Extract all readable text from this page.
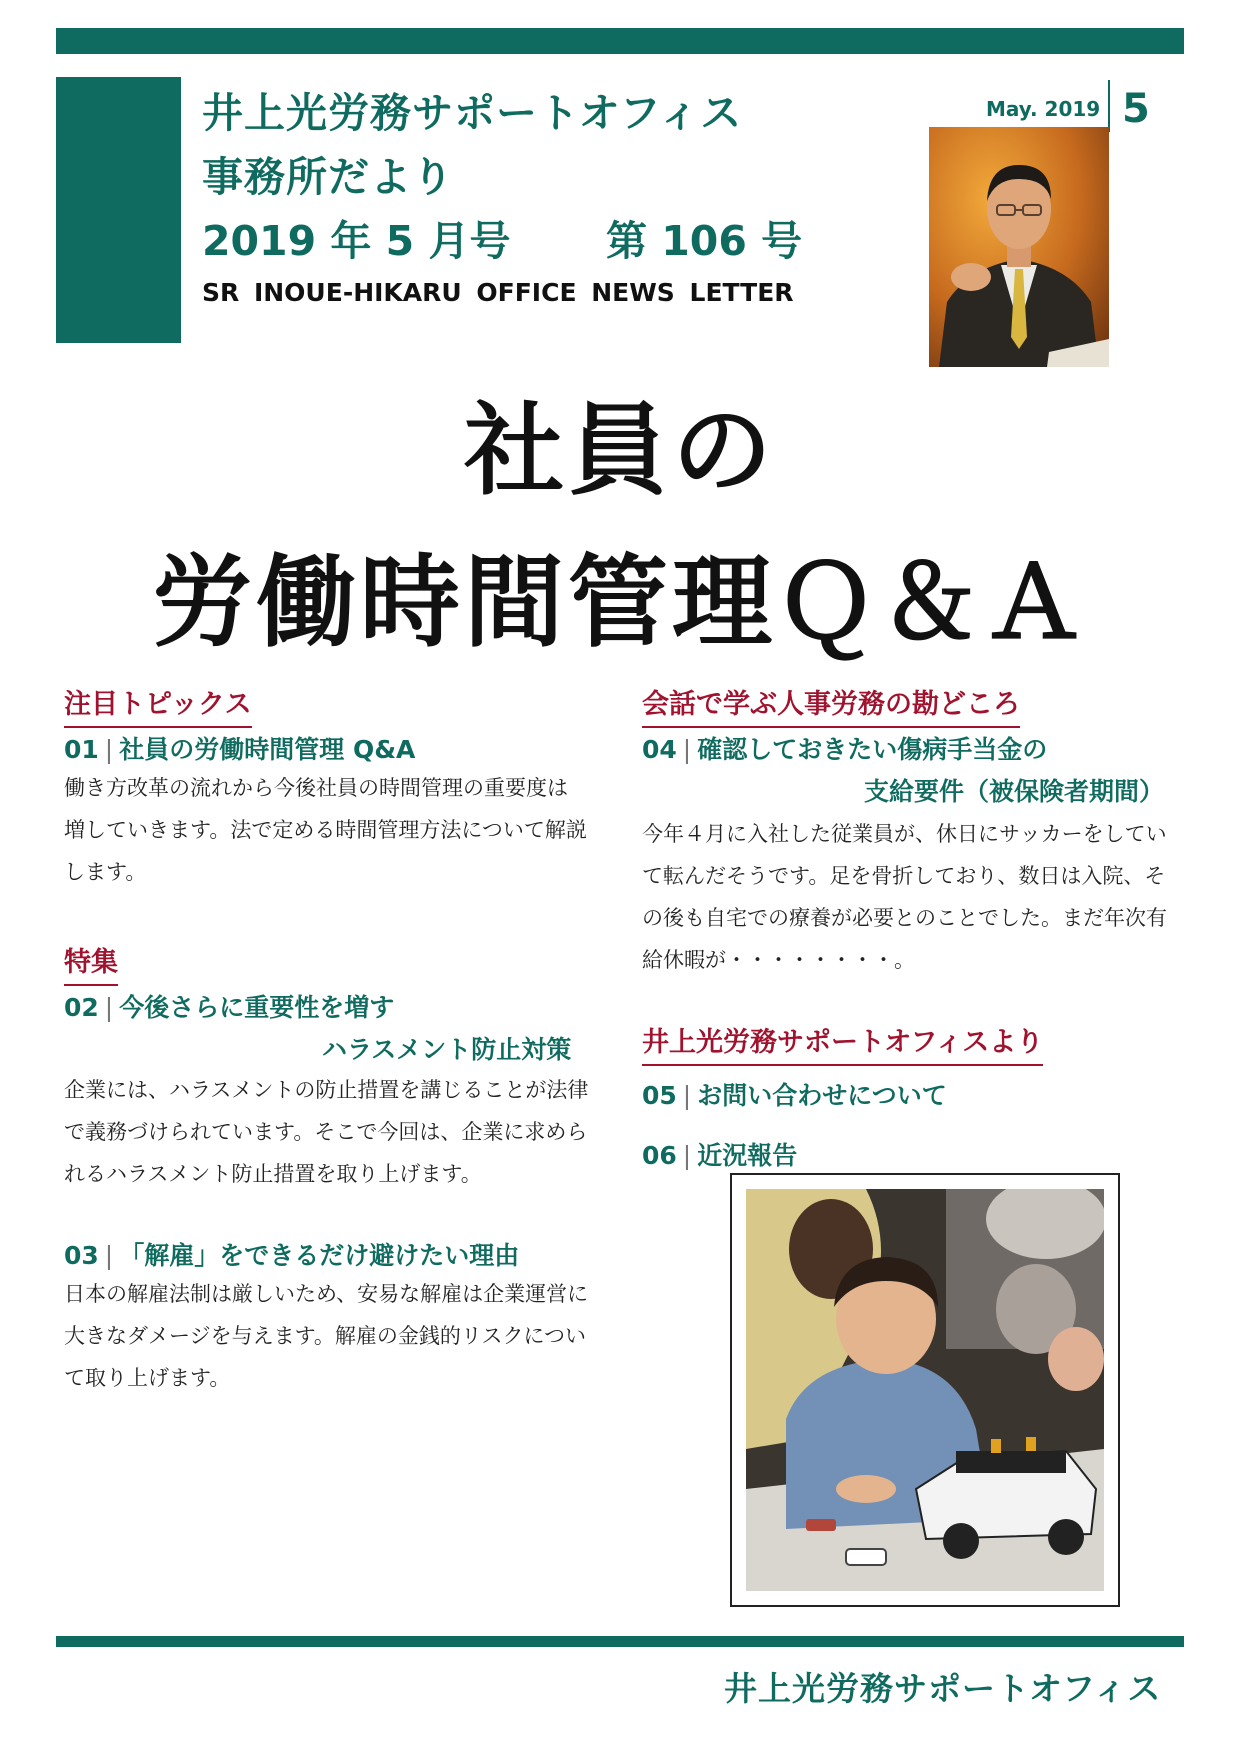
井上光労務サポートオフィス
事務所だより
2019 年 5 月号 第 106 号
SR INOUE-HIKARU OFFICE NEWS LETTER
May. 2019 5
社員の
労働時間管理Ｑ＆Ａ
注目トピックス
01 | 社員の労働時間管理 Q&A
働き方改革の流れから今後社員の時間管理の重要度は
増していきます。法で定める時間管理方法について解説
します。
特集
02 | 今後さらに重要性を増す
ハラスメント防止対策
企業には、ハラスメントの防止措置を講じることが法律
で義務づけられています。そこで今回は、企業に求めら
れるハラスメント防止措置を取り上げます。
03 | 「解雇」をできるだけ避けたい理由
日本の解雇法制は厳しいため、安易な解雇は企業運営に
大きなダメージを与えます。解雇の金銭的リスクについ
て取り上げます。
会話で学ぶ人事労務の勘どころ
04 | 確認しておきたい傷病手当金の
支給要件（被保険者期間）
今年４月に入社した従業員が、休日にサッカーをしてい
て転んだそうです。足を骨折しており、数日は入院、そ
の後も自宅での療養が必要とのことでした。まだ年次有
給休暇が・・・・・・・・。
井上光労務サポートオフィスより
05 | お問い合わせについて
06 | 近況報告
井上光労務サポートオフィス
